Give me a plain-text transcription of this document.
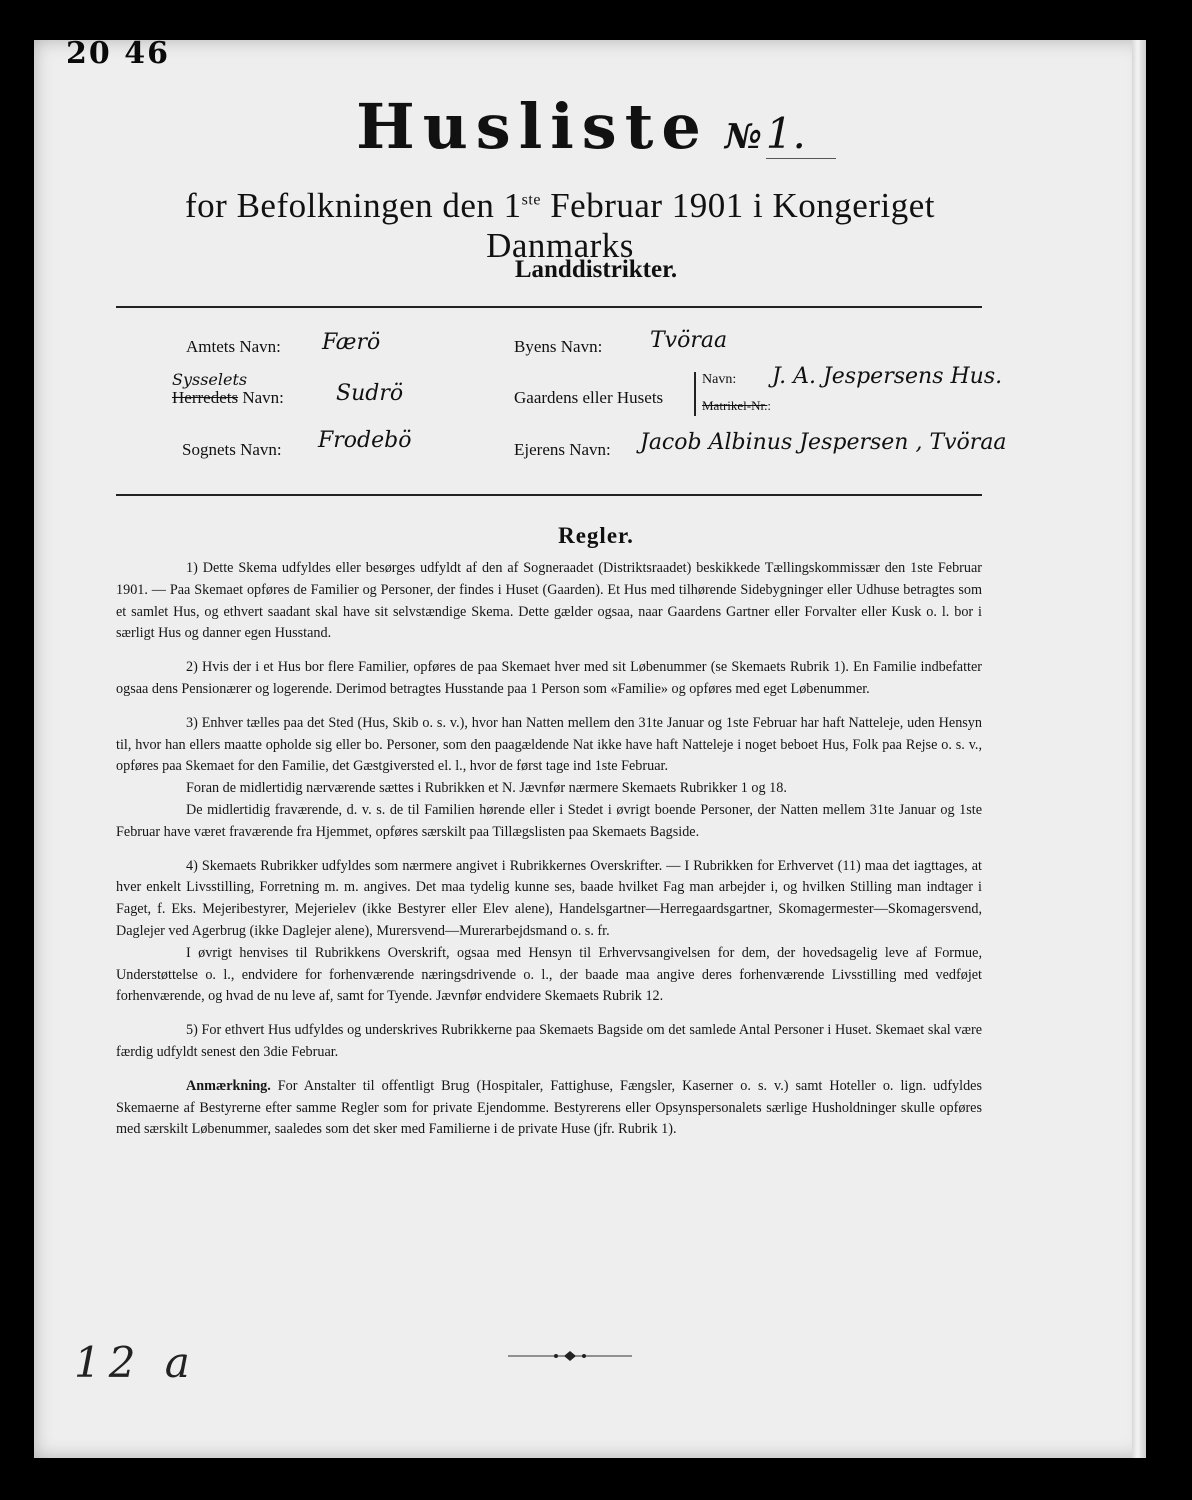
20 46
Husliste №1.
for Befolkningen den 1ste Februar 1901 i Kongeriget Danmarks
Landdistrikter.
Amtets Navn: Færö
Sysselets
Herredets Navn: Sudrö
Sognets Navn: Frodebö
Byens Navn: Tvöraa
Gaardens eller Husets
Navn: J. A. Jespersens Hus.
Matrikel-Nr.:
Ejerens Navn: Jacob Albinus Jespersen , Tvöraa
Regler.

1) Dette Skema udfyldes eller besørges udfyldt af den af Sogneraadet (Distriktsraadet) beskikkede Tællingskommissær den 1ste Februar 1901. — Paa Skemaet opføres de Familier og Personer, der findes i Huset (Gaarden). Et Hus med tilhørende Sidebygninger eller Udhuse betragtes som et samlet Hus, og ethvert saadant skal have sit selvstændige Skema. Dette gælder ogsaa, naar Gaardens Gartner eller Forvalter eller Kusk o. l. bor i særligt Hus og danner egen Husstand.

2) Hvis der i et Hus bor flere Familier, opføres de paa Skemaet hver med sit Løbenummer (se Skemaets Rubrik 1). En Familie indbefatter ogsaa dens Pensionærer og logerende. Derimod betragtes Husstande paa 1 Person som «Familie» og opføres med eget Løbenummer.

3) Enhver tælles paa det Sted (Hus, Skib o. s. v.), hvor han Natten mellem den 31te Januar og 1ste Februar har haft Natteleje, uden Hensyn til, hvor han ellers maatte opholde sig eller bo. Personer, som den paagældende Nat ikke have haft Natteleje i noget beboet Hus, Folk paa Rejse o. s. v., opføres paa Skemaet for den Familie, det Gæstgiversted el. l., hvor de først tage ind 1ste Februar.

Foran de midlertidig nærværende sættes i Rubrikken et N. Jævnfør nærmere Skemaets Rubrikker 1 og 18.

De midlertidig fraværende, d. v. s. de til Familien hørende eller i Stedet i øvrigt boende Personer, der Natten mellem 31te Januar og 1ste Februar have været fraværende fra Hjemmet, opføres særskilt paa Tillægslisten paa Skemaets Bagside.

4) Skemaets Rubrikker udfyldes som nærmere angivet i Rubrikkernes Overskrifter. — I Rubrikken for Erhvervet (11) maa det iagttages, at hver enkelt Livsstilling, Forretning m. m. angives. Det maa tydelig kunne ses, baade hvilket Fag man arbejder i, og hvilken Stilling man indtager i Faget, f. Eks. Mejeribestyrer, Mejerielev (ikke Bestyrer eller Elev alene), Handelsgartner—Herregaardsgartner, Skomagermester—Skomagersvend, Daglejer ved Agerbrug (ikke Daglejer alene), Murersvend—Murerarbejdsmand o. s. fr.

I øvrigt henvises til Rubrikkens Overskrift, ogsaa med Hensyn til Erhvervsangivelsen for dem, der hovedsagelig leve af Formue, Understøttelse o. l., endvidere for forhenværende næringsdrivende o. l., der baade maa angive deres forhenværende Livsstilling med vedføjet forhenværende, og hvad de nu leve af, samt for Tyende. Jævnfør endvidere Skemaets Rubrik 12.

5) For ethvert Hus udfyldes og underskrives Rubrikkerne paa Skemaets Bagside om det samlede Antal Personer i Huset. Skemaet skal være færdig udfyldt senest den 3die Februar.

Anmærkning. For Anstalter til offentligt Brug (Hospitaler, Fattighuse, Fængsler, Kaserner o. s. v.) samt Hoteller o. lign. udfyldes Skemaerne af Bestyrerne efter samme Regler som for private Ejendomme. Bestyrerens eller Opsynspersonalets særlige Husholdninger skulle opføres med særskilt Løbenummer, saaledes som det sker med Familierne i de private Huse (jfr. Rubrik 1).

12 a
